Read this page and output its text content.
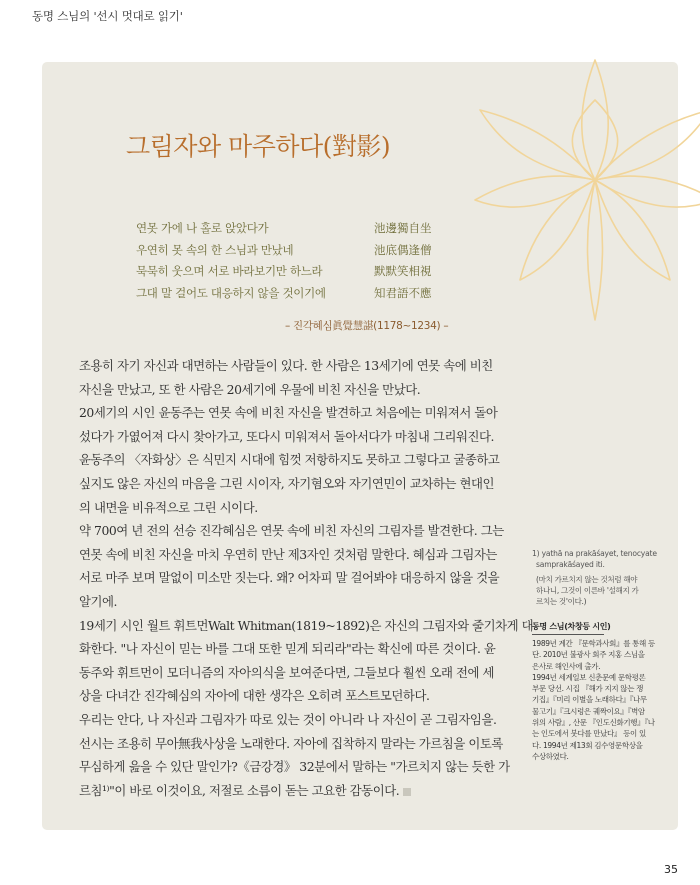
동명 스님의 '선시 멋대로 읽기'
그림자와 마주하다(對影)
연못 가에 나 홀로 앉았다가	池邊獨自坐
우연히 못 속의 한 스님과 만났네	池底偶逢僧
묵묵히 웃으며 서로 바라보기만 하느라	默默笑相視
그대 말 걸어도 대응하지 않을 것이기에	知君語不應
– 진각혜심眞覺慧諶(1178~1234) –
조용히 자기 자신과 대면하는 사람들이 있다. 한 사람은 13세기에 연못 속에 비친
자신을 만났고, 또 한 사람은 20세기에 우물에 비친 자신을 만났다.
20세기의 시인 윤동주는 연못 속에 비친 자신을 발견하고 처음에는 미워져서 돌아
섰다가 가엾어져 다시 찾아가고, 또다시 미워져서 돌아서다가 마침내 그리워진다.
윤동주의 〈자화상〉은 식민지 시대에 힘껏 저항하지도 못하고 그렇다고 굴종하고
싶지도 않은 자신의 마음을 그린 시이자, 자기혐오와 자기연민이 교차하는 현대인
의 내면을 비유적으로 그린 시이다.
약 700여 년 전의 선승 진각혜심은 연못 속에 비친 자신의 그림자를 발견한다. 그는
연못 속에 비친 자신을 마치 우연히 만난 제3자인 것처럼 말한다. 혜심과 그림자는
서로 마주 보며 말없이 미소만 짓는다. 왜? 어차피 말 걸어봐야 대응하지 않을 것을
알기에.
19세기 시인 월트 휘트먼Walt Whitman(1819~1892)은 자신의 그림자와 줄기차게 대
화한다. "나 자신이 믿는 바를 그대 또한 믿게 되리라"라는 확신에 따른 것이다. 윤
동주와 휘트먼이 모더니즘의 자아의식을 보여준다면, 그들보다 훨씬 오래 전에 세
상을 다녀간 진각혜심의 자아에 대한 생각은 오히려 포스트모던하다.
우리는 안다, 나 자신과 그림자가 따로 있는 것이 아니라 나 자신이 곧 그림자임을.
선시는 조용히 무아無我사상을 노래한다. 자아에 집착하지 말라는 가르침을 이토록
무심하게 읊을 수 있단 말인가?《금강경》 32분에서 말하는 "가르치지 않는 듯한 가
르침¹⁾"이 바로 이것이요, 저절로 소름이 돋는 고요한 감동이다.
1) yathā na prakāśayet, tenocyate
samprakāśayed iti.
(마치 가르치지 않는 것처럼 해야
하나니, 그것이 이른바 '설해지 가
르치는 것'이다.)
동명 스님(차창등 시인)
1989년 계간 『문학과사회』를 통해 등
단. 2010년 불광사 회주 지홍 스님을
은사로 해인사에 출가.
1994년 세계일보 신춘문예 문학평론
부문 당선. 시집 『해가 지지 않는 쟁
기집』『미리 이별을 노래하다』『나무
물고기』『크시렁은 궤짝이요』『벽암
위의 사람』, 산문 『인도신화기행』『나
는 인도에서 붓다를 만났다』 등이 있
다. 1994년 제13회 김수영문학상을
수상하였다.
35
